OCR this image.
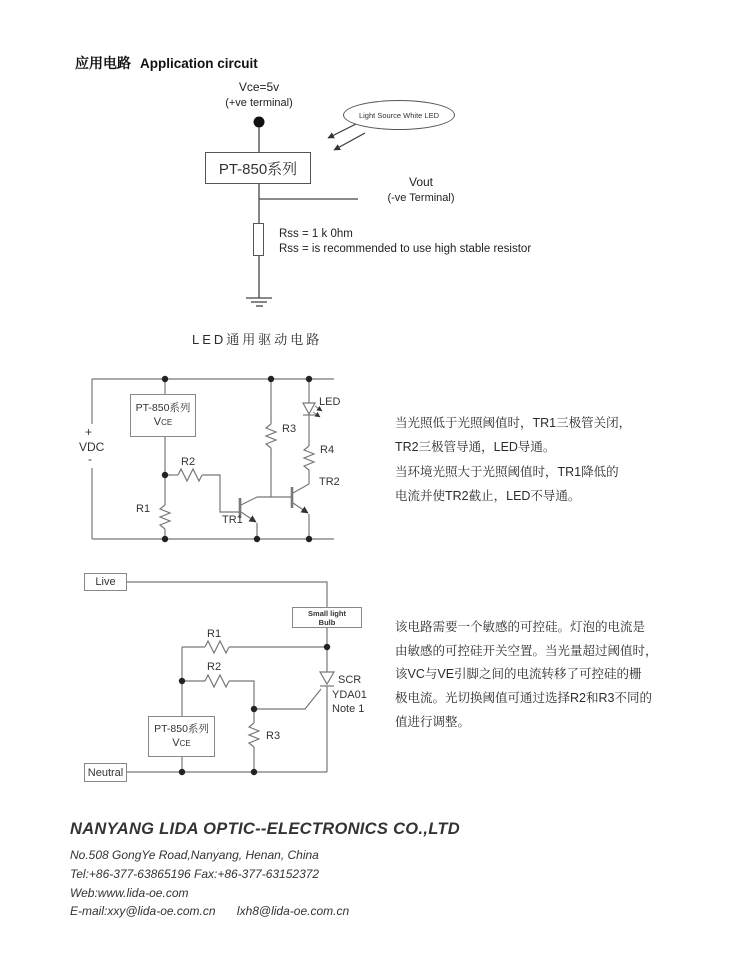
应用电路 Application circuit
Vce=5v
(+ve terminal)
PT-850系列
Light Source White LED
Vout
(-ve Terminal)
Rss = 1 k 0hm
Rss = is recommended to use high stable resistor
LED通用驱动电路
+
VDC
-
PT-850系列
VCE
R2
R1
R3
R4
LED
TR1
TR2
当光照低于光照阈值时，TR1三极管关闭，
TR2三极管导通，LED导通。
当环境光照大于光照阈值时，TR1降低的
电流并使TR2截止，LED不导通。
Live
Small light
Bulb
R1
R2
R3
SCR
YDA01
Note 1
PT-850系列
VCE
Neutral
该电路需要一个敏感的可控硅。灯泡的电流是
由敏感的可控硅开关空置。当光量超过阈值时，
该VC与VE引脚之间的电流转移了可控硅的栅
极电流。光切换阈值可通过选择R2和R3不同的
值进行调整。
NANYANG LIDA OPTIC--ELECTRONICS CO.,LTD
No.508 GongYe Road,Nanyang, Henan, China
Tel:+86-377-63865196 Fax:+86-377-63152372
Web:www.lida-oe.com
E-mail:xxy@lida-oe.com.cn lxh8@lida-oe.com.cn
